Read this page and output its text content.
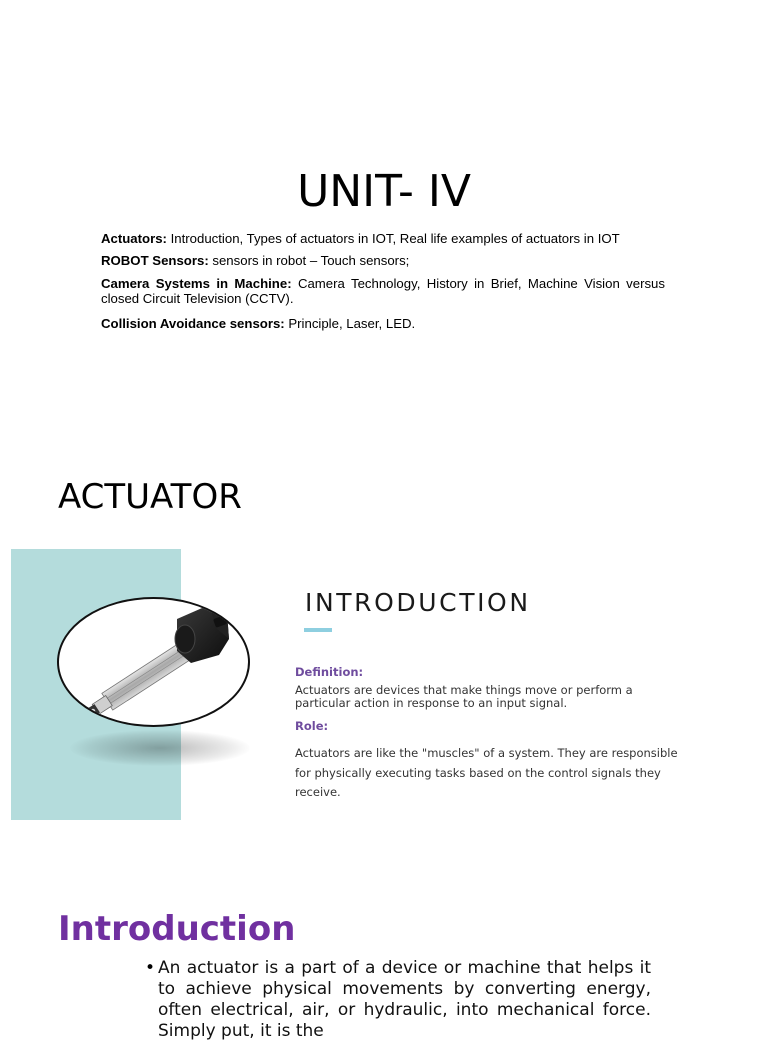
UNIT- IV
Actuators: Introduction, Types of actuators in IOT, Real life examples of actuators in IOT
ROBOT Sensors: sensors in robot – Touch sensors;
Camera Systems in Machine: Camera Technology, History in Brief, Machine Vision versus closed Circuit Television (CCTV).
Collision Avoidance sensors: Principle, Laser, LED.
ACTUATOR
INTRODUCTION
Definition:
Actuators are devices that make things move or perform a particular action in response to an input signal.
Role:
Actuators are like the "muscles" of a system. They are responsible for physically executing tasks based on the control signals they receive.
Introduction
• An actuator is a part of a device or machine that helps it to achieve physical movements by converting energy, often electrical, air, or hydraulic, into mechanical force. Simply put, it is the
